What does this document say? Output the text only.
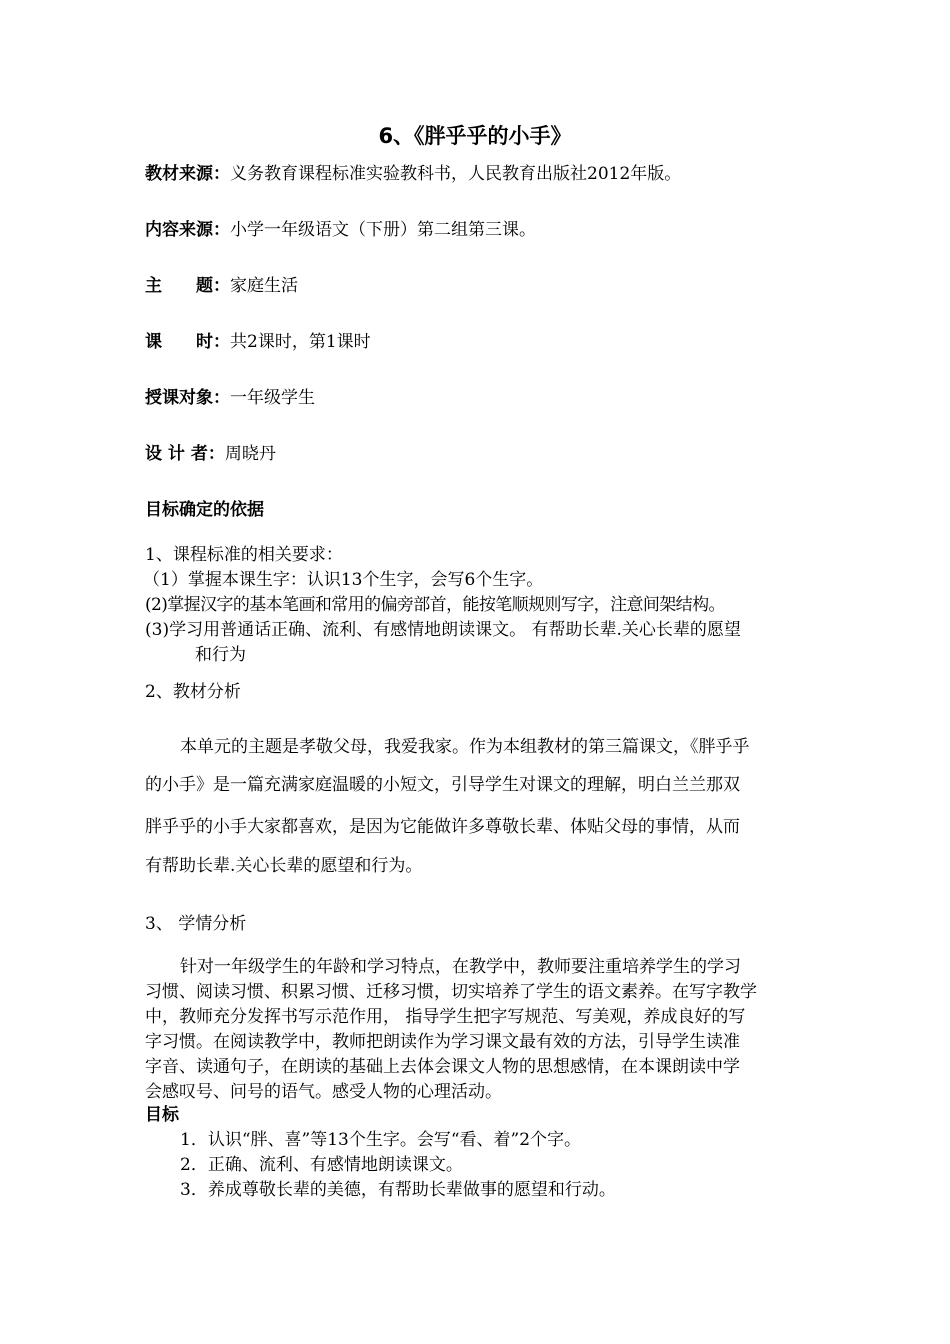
6、《胖乎乎的小手》
教材来源：义务教育课程标准实验教科书，人民教育出版社2012年版。
内容来源：小学一年级语文（下册）第二组第三课。
主　　题：家庭生活
课　　时：共2课时，第1课时
授课对象：一年级学生
设 计 者：周晓丹
目标确定的依据
1、课程标准的相关要求：
（1）掌握本课生字：认识13个生字，会写6个生字。
(2)掌握汉字的基本笔画和常用的偏旁部首，能按笔顺规则写字，注意间架结构。
(3)学习用普通话正确、流利、有感情地朗读课文。 有帮助长辈.关心长辈的愿望
和行为
2、教材分析
本单元的主题是孝敬父母，我爱我家。作为本组教材的第三篇课文，《胖乎乎
的小手》是一篇充满家庭温暖的小短文，引导学生对课文的理解，明白兰兰那双
胖乎乎的小手大家都喜欢，是因为它能做许多尊敬长辈、体贴父母的事情，从而
有帮助长辈.关心长辈的愿望和行为。
3、 学情分析
针对一年级学生的年龄和学习特点，在教学中，教师要注重培养学生的学习
习惯、阅读习惯、积累习惯、迁移习惯，切实培养了学生的语文素养。在写字教学
中，教师充分发挥书写示范作用， 指导学生把字写规范、写美观，养成良好的写
字习惯。在阅读教学中，教师把朗读作为学习课文最有效的方法，引导学生读准
字音、读通句子，在朗读的基础上去体会课文人物的思想感情，在本课朗读中学
会感叹号、问号的语气。感受人物的心理活动。
目标
1．认识“胖、喜”等13个生字。会写“看、着”2个字。
2．正确、流利、有感情地朗读课文。
3．养成尊敬长辈的美德，有帮助长辈做事的愿望和行动。
